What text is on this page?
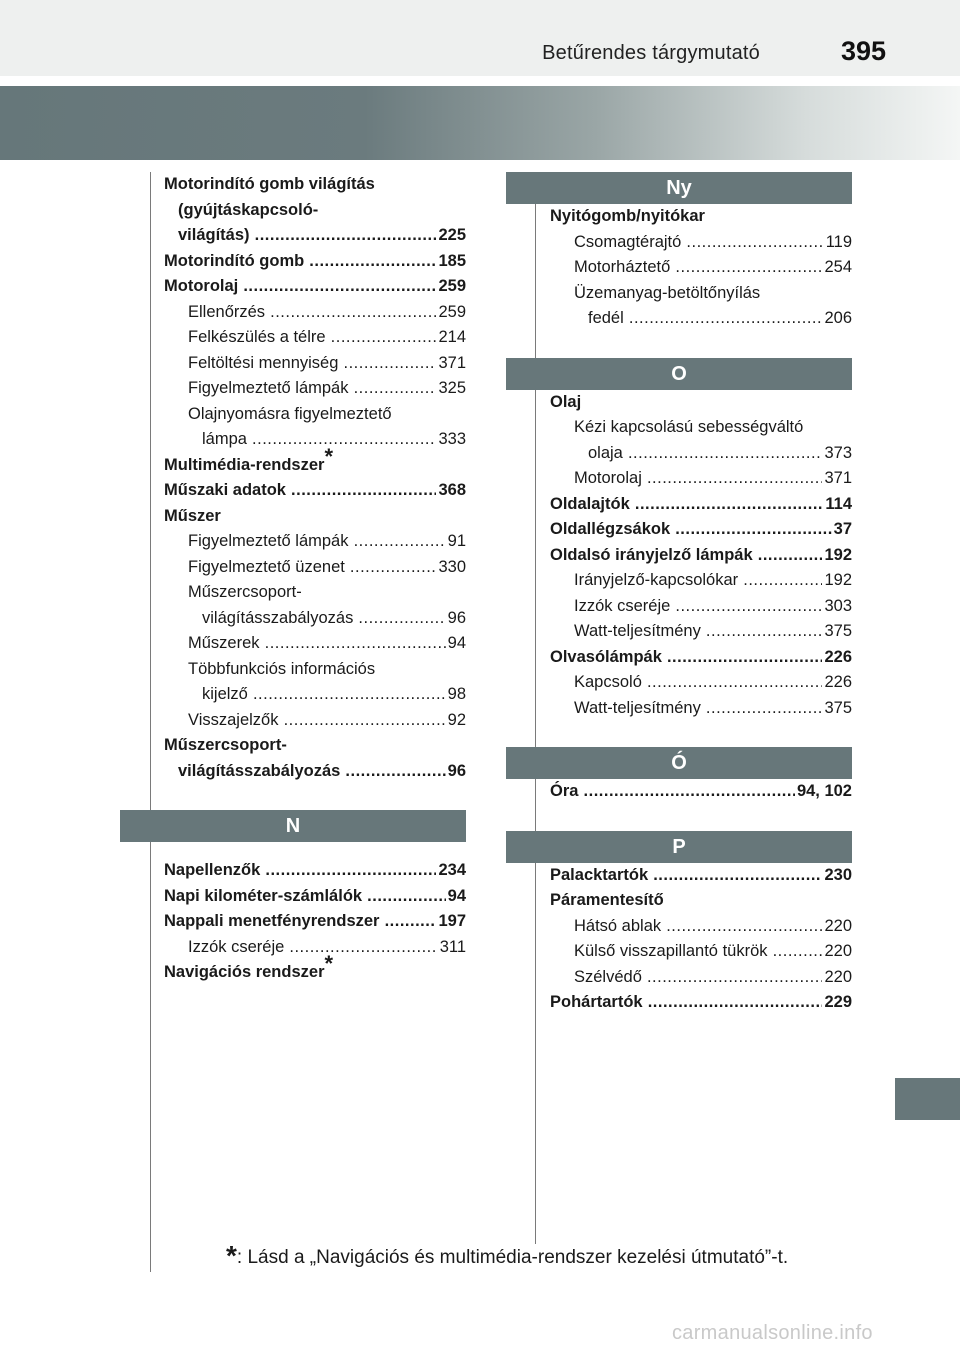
Betűrendes tárgymutató	395
Motorindító gomb világítás
(gyújtáskapcsoló-
világítás) .....	225
Motorindító gomb .....	185
Motorolaj .....	259
Ellenőrzés .....	259
Felkészülés a télre .....	214
Feltöltési mennyiség .....	371
Figyelmeztető lámpák .....	325
Olajnyomásra figyelmeztető
lámpa .....	333
Multimédia-rendszer*
Műszaki adatok .....	368
Műszer
Figyelmeztető lámpák .....	91
Figyelmeztető üzenet .....	330
Műszercsoport-
világításszabályozás .....	96
Műszerek .....	94
Többfunkciós információs
kijelző .....	98
Visszajelzők .....	92
Műszercsoport-
világításszabályozás .....	96
N
Napellenzők .....	234
Napi kilométer-számlálók .....	94
Nappali menetfényrendszer .....	197
Izzók cseréje .....	311
Navigációs rendszer*
Ny
Nyitógomb/nyitókar
Csomagtérajtó .....	119
Motorháztető .....	254
Üzemanyag-betöltőnyílás
fedél .....	206
O
Olaj
Kézi kapcsolású sebességváltó
olaja .....	373
Motorolaj .....	371
Oldalajtók .....	114
Oldallégzsákok .....	37
Oldalsó irányjelző lámpák .....	192
Irányjelző-kapcsolókar .....	192
Izzók cseréje .....	303
Watt-teljesítmény .....	375
Olvasólámpák .....	226
Kapcsoló .....	226
Watt-teljesítmény .....	375
Ó
Óra .....	94, 102
P
Palacktartók .....	230
Páramentesítő
Hátsó ablak .....	220
Külső visszapillantó tükrök .....	220
Szélvédő .....	220
Pohártartók .....	229
*: Lásd a „Navigációs és multimédia-rendszer kezelési útmutató”-t.
carmanualsonline.info
